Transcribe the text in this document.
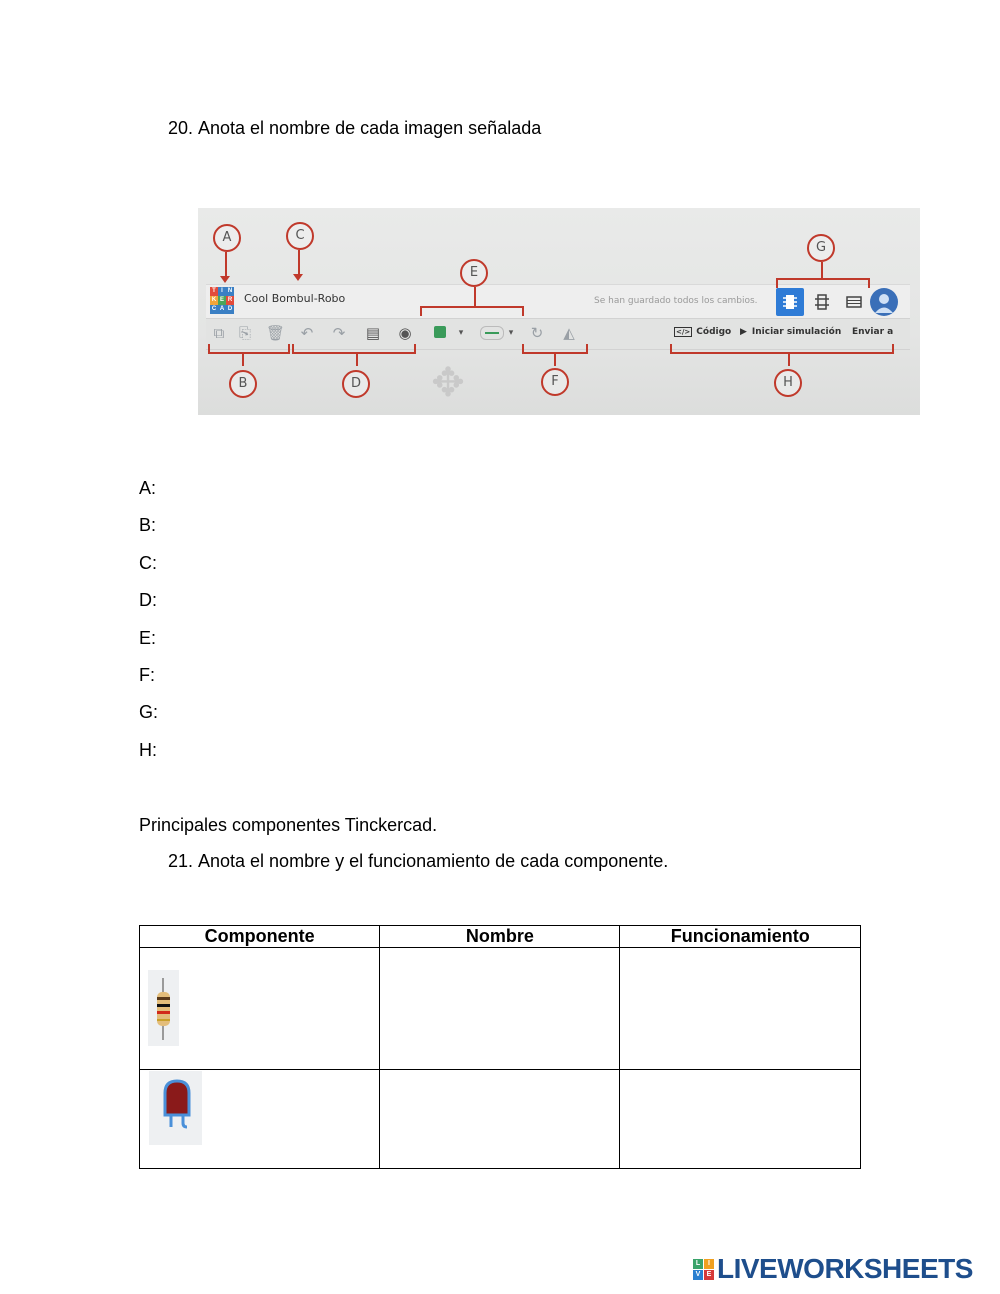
20. Anota el nombre de cada imagen señalada

T I N
K E R
C A D
Cool Bombul-Robo	Se han guardado todos los cambios.
⧉ ⎘ 🗑 ↶ ↷ ▤ ◉	▾	▾	↻ ◭	</> Código ▶ Iniciar simulación Enviar a
A	C
E
G
B	D	F	H
✥
A:
B:
C:
D:
E:
F:
G:
H:
Principales componentes Tinckercad.
21. Anota el nombre y el funcionamiento de cada componente.
Componente	Nombre	Funcionamiento

L	I
V E LIVEWORKSHEETS
